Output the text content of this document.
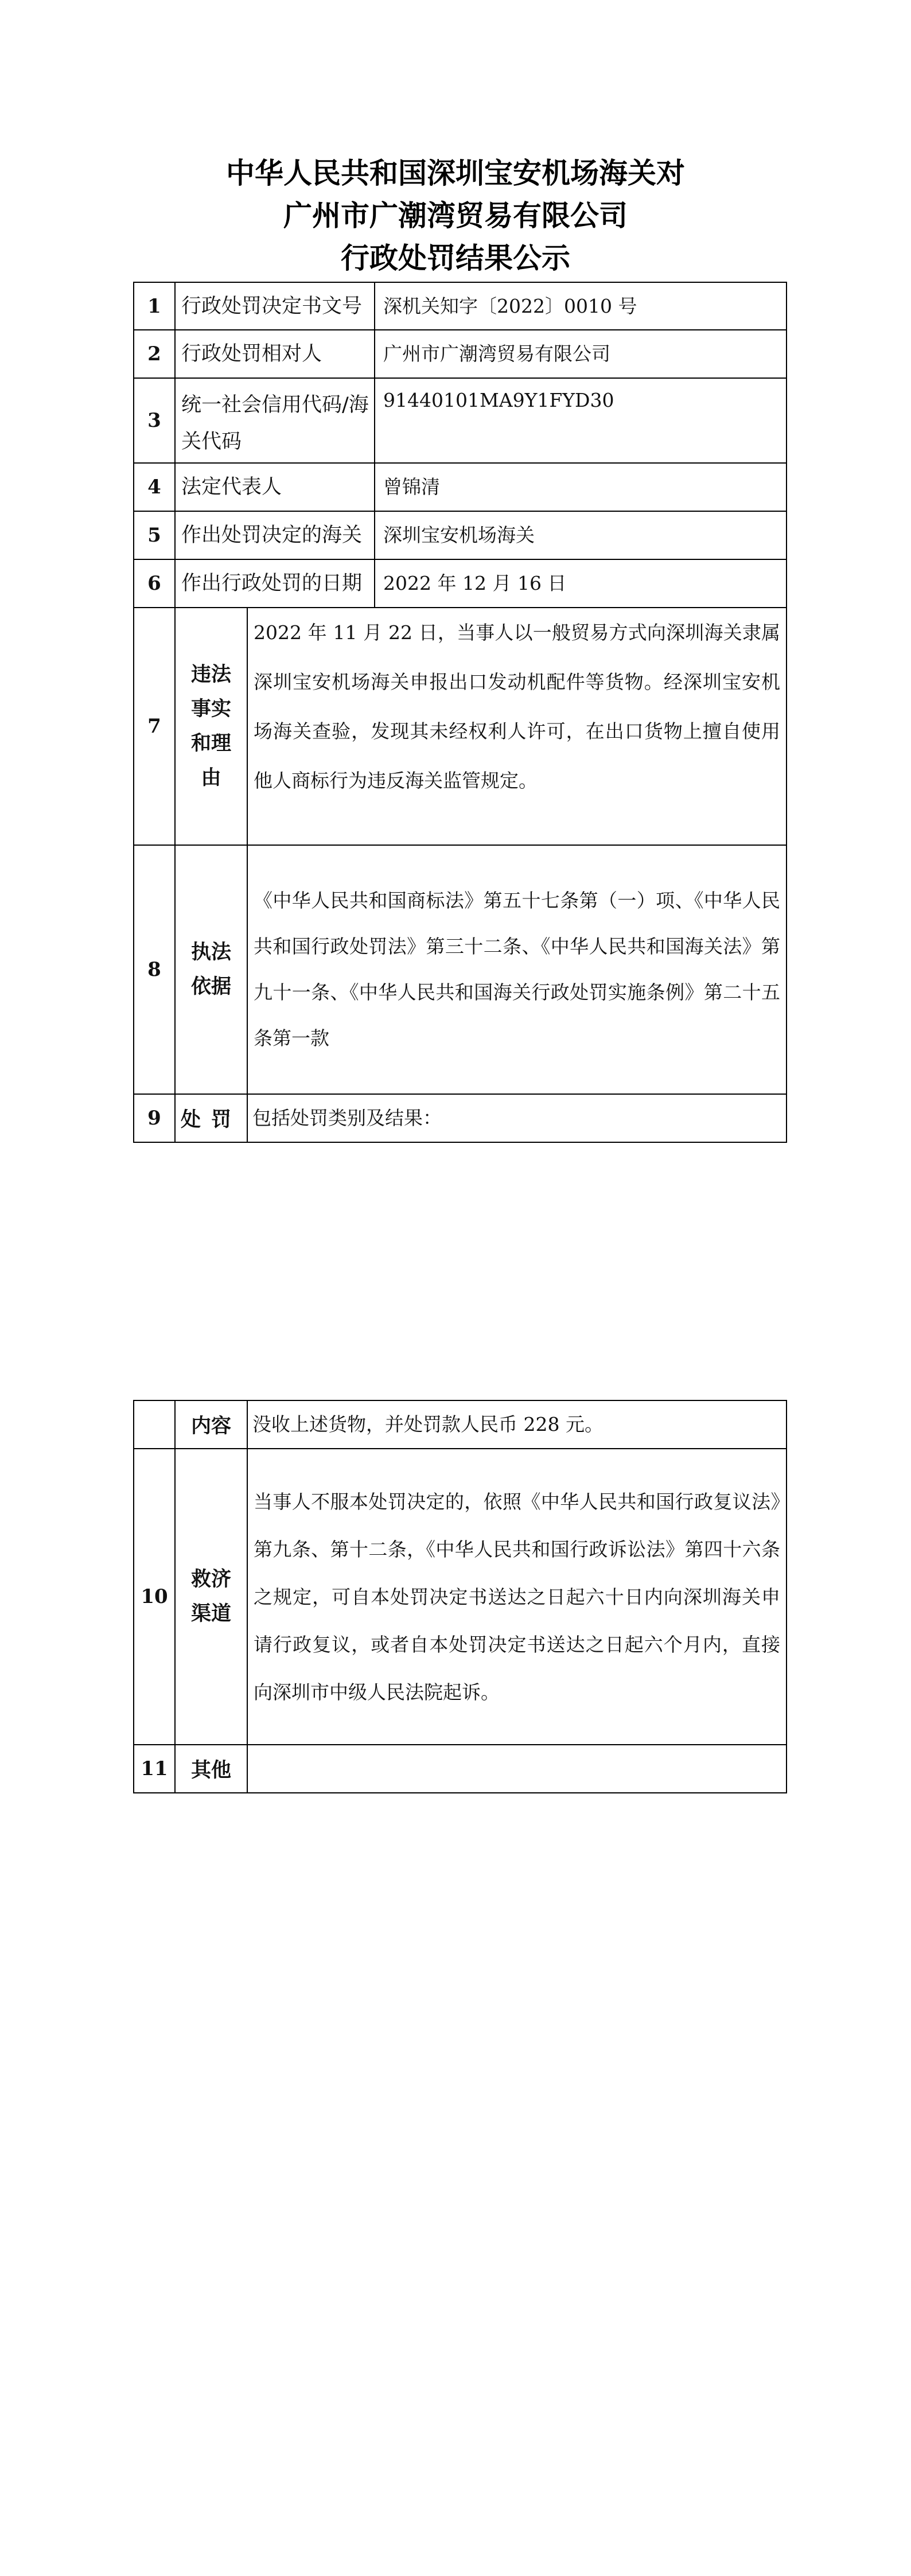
中华人民共和国深圳宝安机场海关对
广州市广潮湾贸易有限公司
行政处罚结果公示
1	行政处罚决定书文号		深机关知字〔2022〕0010 号
2	行政处罚相对人		广州市广潮湾贸易有限公司
3	统一社会信用代码/海关代码		91440101MA9Y1FYD30
4	法定代表人		曾锦清
5	作出处罚决定的海关		深圳宝安机场海关
6	作出行政处罚的日期		2022 年 12 月 16 日
7	违法事实和理由	2022 年 11 月 22 日，当事人以一般贸易方式向深圳海关隶属深圳宝安机场海关申报出口发动机配件等货物。经深圳宝安机场海关查验，发现其未经权利人许可，在出口货物上擅自使用他人商标行为违反海关监管规定。	
8	执法依据	《中华人民共和国商标法》第五十七条第（一）项、《中华人民共和国行政处罚法》第三十二条、《中华人民共和国海关法》第九十一条、《中华人民共和国海关行政处罚实施条例》第二十五条第一款	
9	处罚	包括处罚类别及结果：	
	内容	没收上述货物，并处罚款人民币 228 元。
10	救济渠道	当事人不服本处罚决定的，依照《中华人民共和国行政复议法》第九条、第十二条，《中华人民共和国行政诉讼法》第四十六条之规定，可自本处罚决定书送达之日起六十日内向深圳海关申请行政复议，或者自本处罚决定书送达之日起六个月内，直接向深圳市中级人民法院起诉。
11	其他	
